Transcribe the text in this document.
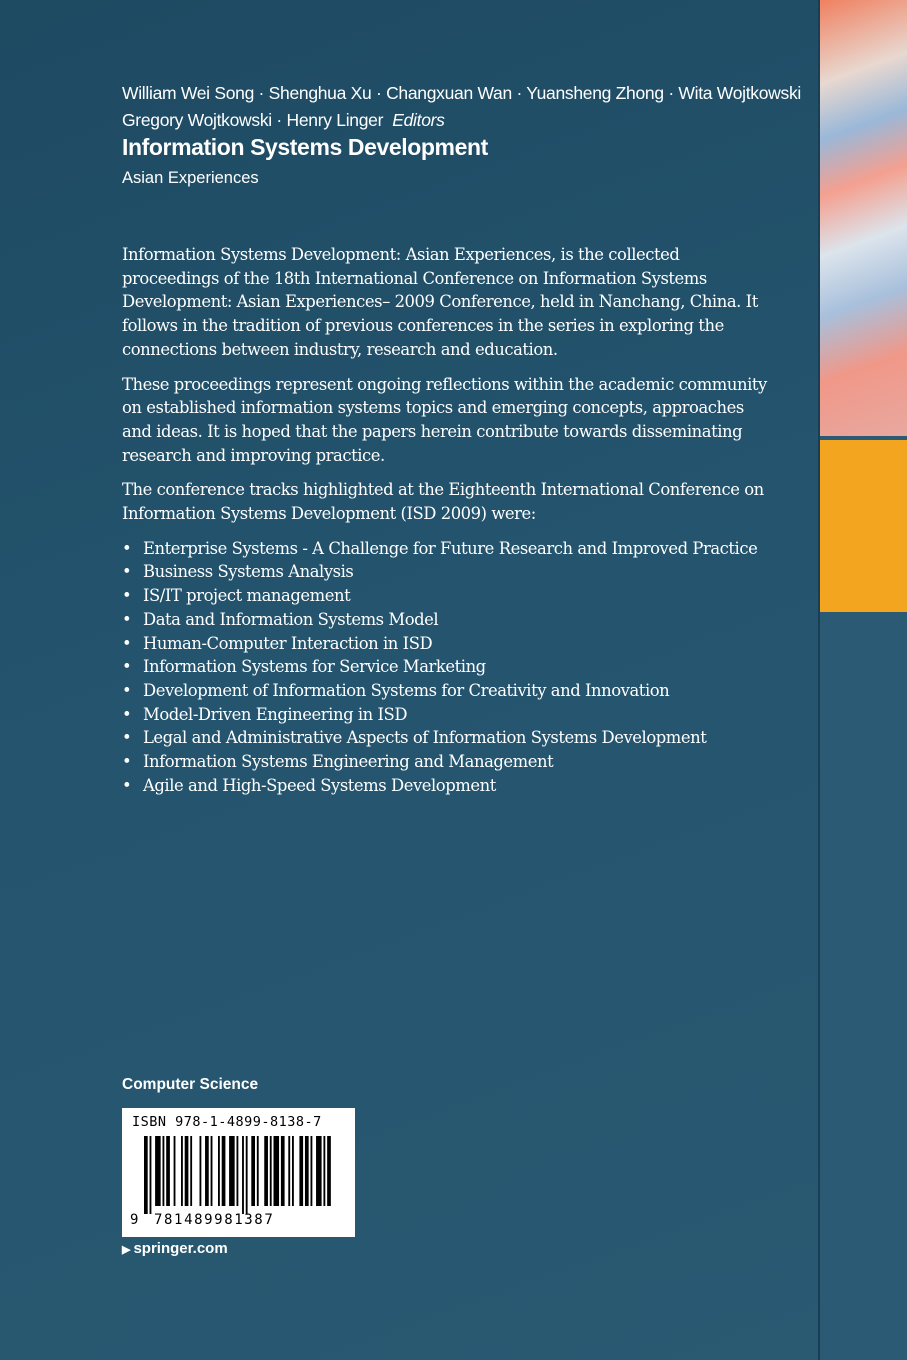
William Wei Song · Shenghua Xu · Changxuan Wan · Yuansheng Zhong · Wita Wojtkowski
Gregory Wojtkowski · Henry Linger Editors
Information Systems Development
Asian Experiences

Information Systems Development: Asian Experiences, is the collected proceedings of the 18th International Conference on Information Systems Development: Asian Experiences– 2009 Conference, held in Nanchang, China. It follows in the tradition of previous conferences in the series in exploring the connections between industry, research and education.

These proceedings represent ongoing reflections within the academic community on established information systems topics and emerging concepts, approaches and ideas. It is hoped that the papers herein contribute towards disseminating research and improving practice.

The conference tracks highlighted at the Eighteenth International Conference on Information Systems Development (ISD 2009) were:

• Enterprise Systems - A Challenge for Future Research and Improved Practice
• Business Systems Analysis
• IS/IT project management
• Data and Information Systems Model
• Human-Computer Interaction in ISD
• Information Systems for Service Marketing
• Development of Information Systems for Creativity and Innovation
• Model-Driven Engineering in ISD
• Legal and Administrative Aspects of Information Systems Development
• Information Systems Engineering and Management
• Agile and High-Speed Systems Development
Computer Science
ISBN 978-1-4899-8138-7
9 781489981387
▶ springer.com
